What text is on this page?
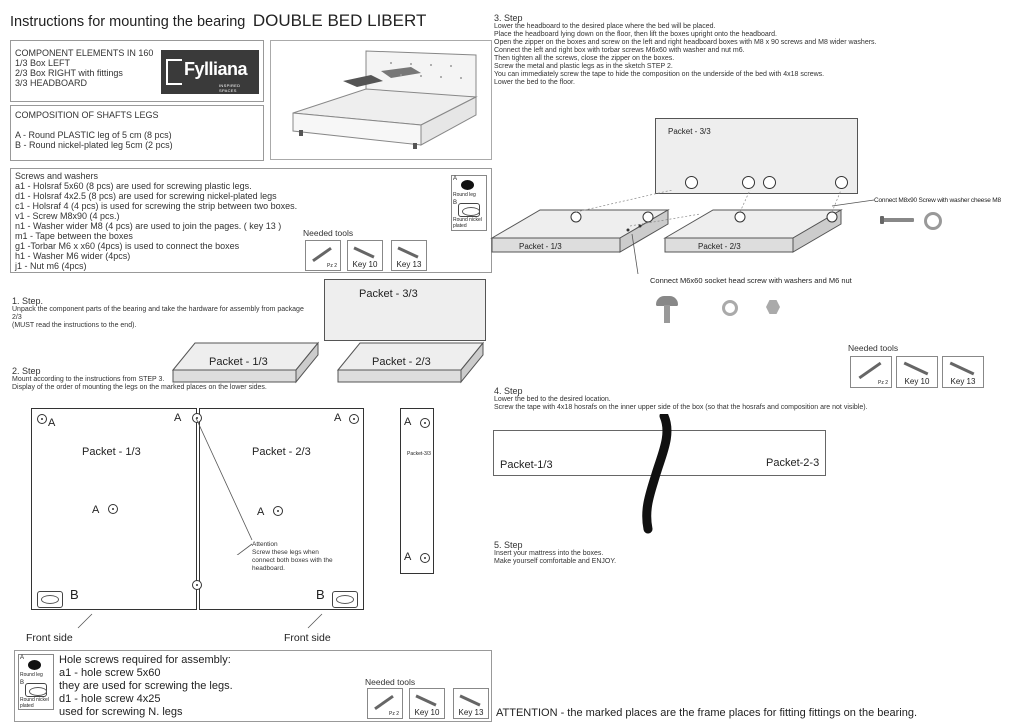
Instructions for mounting the bearing DOUBLE BED LIBERT
COMPONENT ELEMENTS IN 160
1/3 Box LEFT
2/3 Box RIGHT with fittings
3/3 HEADBOARD
Fylliana
INSPIRED SPACES
COMPOSITION OF SHAFTS LEGS
A - Round PLASTIC leg of 5 cm (8 pcs)
B - Round nickel-plated leg 5cm (2 pcs)
Screws and washers
a1 - Holsraf 5x60 (8 pcs) are used for screwing plastic legs.
d1 - Holsraf 4x2.5 (8 pcs) are used for screwing nickel-plated legs
c1 - Holsraf 4 (4 pcs) is used for screwing the strip between two boxes.
v1 - Screw M8x90 (4 pcs.)
n1 - Washer wider M8 (4 pcs) are used to join the pages. ( key 13 )
m1 - Tape between the boxes
g1 -Torbar M6 x x60 (4pcs) is used to connect the boxes
h1 - Washer M6 wider (4pcs)
j1 - Nut m6 (4pcs)
A
Round leg
B
Round nickel plated
Needed tools
Pz 2	Key 10	Key 13
1. Step.
Unpack the component parts of the bearing and take the hardware for assembly from package
2/3
(MUST read the instructions to the end).
Packet - 3/3
Packet - 1/3	Packet - 2/3
2. Step
Mount according to the instructions from STEP 3.
Display of the order of mounting the legs on the marked places on the lower sides.
A	A
Packet - 1/3
A
B
A
Packet - 2/3
A
B
Attention
Screw these legs when
connect both boxes with the
headboard.
A
Packet-3/3
A
Front side	Front side
A
Round leg
B
Round nickel plated
Hole screws required for assembly:
a1 - hole screw 5x60
they are used for screwing the legs.
d1 - hole screw 4x25
used for screwing N. legs
Needed tools
Pz 2	Key 10	Key 13
3. Step
Lower the headboard to the desired place where the bed will be placed.
Place the headboard lying down on the floor, then lift the boxes upright onto the headboard.
Open the zipper on the boxes and screw on the left and right headboard boxes with M8 x 90 screws and M8 wider washers.
Connect the left and right box with torbar screws M6x60 with washer and nut m6.
Then tighten all the screws, close the zipper on the boxes.
Screw the metal and plastic legs as in the sketch STEP 2.
You can immediately screw the tape to hide the composition on the underside of the bed with 4x18 screws.
Lower the bed to the floor.
Packet - 3/3
Packet - 1/3	Packet - 2/3
Connect M8x90 Screw with washer cheese M8
Connect M6x60 socket head screw with washers and M6 nut
Needed tools
Pz 2	Key 10	Key 13
4. Step
Lower the bed to the desired location.
Screw the tape with 4x18 hosrafs on the inner upper side of the box (so that the hosrafs and composition are not visible).
Packet-1/3	Packet-2-3
5. Step
Insert your mattress into the boxes.
Make yourself comfortable and ENJOY.
ATTENTION - the marked places are the frame places for fitting fittings on the bearing.
